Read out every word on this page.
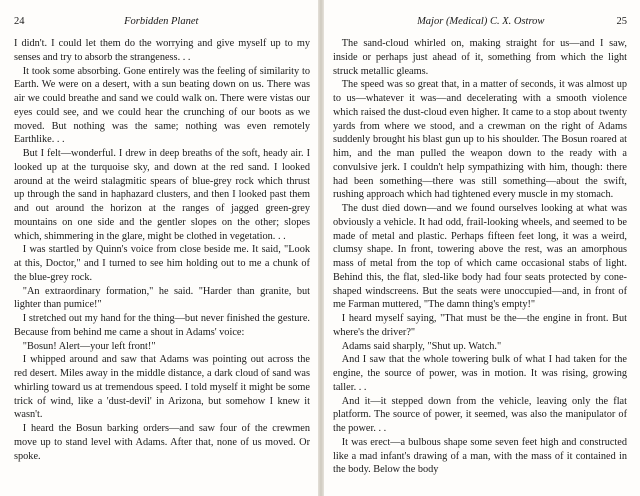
24	Forbidden Planet

I didn't. I could let them do the worrying and give myself up to my senses and try to absorb the strangeness. . .

It took some absorbing. Gone entirely was the feeling of similarity to Earth. We were on a desert, with a sun beating down on us. There was air we could breathe and sand we could walk on. There were vistas our eyes could see, and we could hear the crunching of our boots as we moved. But nothing was the same; nothing was even remotely Earthlike. . .

But I felt—wonderful. I drew in deep breaths of the soft, heady air. I looked up at the turquoise sky, and down at the red sand. I looked around at the weird stalagmitic spears of blue-grey rock which thrust up through the sand in haphazard clusters, and then I looked past them and out around the horizon at the ranges of jagged green-grey mountains on one side and the gentler slopes on the other; slopes which, shimmering in the glare, might be clothed in vegetation. . .

I was startled by Quinn's voice from close beside me. It said, "Look at this, Doctor," and I turned to see him holding out to me a chunk of the blue-grey rock.

"An extraordinary formation," he said. "Harder than granite, but lighter than pumice!"

I stretched out my hand for the thing—but never finished the gesture. Because from behind me came a shout in Adams' voice:

"Bosun! Alert—your left front!"

I whipped around and saw that Adams was pointing out across the red desert. Miles away in the middle distance, a dark cloud of sand was whirling toward us at tremendous speed. I told myself it might be some trick of wind, like a 'dust-devil' in Arizona, but somehow I knew it wasn't.

I heard the Bosun barking orders—and saw four of the crewmen move up to stand level with Adams. After that, none of us moved. Or spoke.

Major (Medical) C. X. Ostrow	25

The sand-cloud whirled on, making straight for us—and I saw, inside or perhaps just ahead of it, something from which the light struck metallic gleams.

The speed was so great that, in a matter of seconds, it was almost up to us—whatever it was—and decelerating with a smooth violence which raised the dust-cloud even higher. It came to a stop about twenty yards from where we stood, and a crewman on the right of Adams suddenly brought his blast gun up to his shoulder. The Bosun roared at him, and the man pulled the weapon down to the ready with a convulsive jerk. I couldn't help sympathizing with him, though: there had been something—there was still something—about the swift, rushing approach which had tightened every muscle in my stomach.

The dust died down—and we found ourselves looking at what was obviously a vehicle. It had odd, frail-looking wheels, and seemed to be made of metal and plastic. Perhaps fifteen feet long, it was a weird, clumsy shape. In front, towering above the rest, was an amorphous mass of metal from the top of which came occasional stabs of light. Behind this, the flat, sled-like body had four seats protected by cone-shaped windscreens. But the seats were unoccupied—and, in front of me Farman muttered, "The damn thing's empty!"

I heard myself saying, "That must be the—the engine in front. But where's the driver?"

Adams said sharply, "Shut up. Watch."

And I saw that the whole towering bulk of what I had taken for the engine, the source of power, was in motion. It was rising, growing taller. . .

And it—it stepped down from the vehicle, leaving only the flat platform. The source of power, it seemed, was also the manipulator of the power. . .

It was erect—a bulbous shape some seven feet high and constructed like a mad infant's drawing of a man, with the mass of it contained in the body. Below the body
